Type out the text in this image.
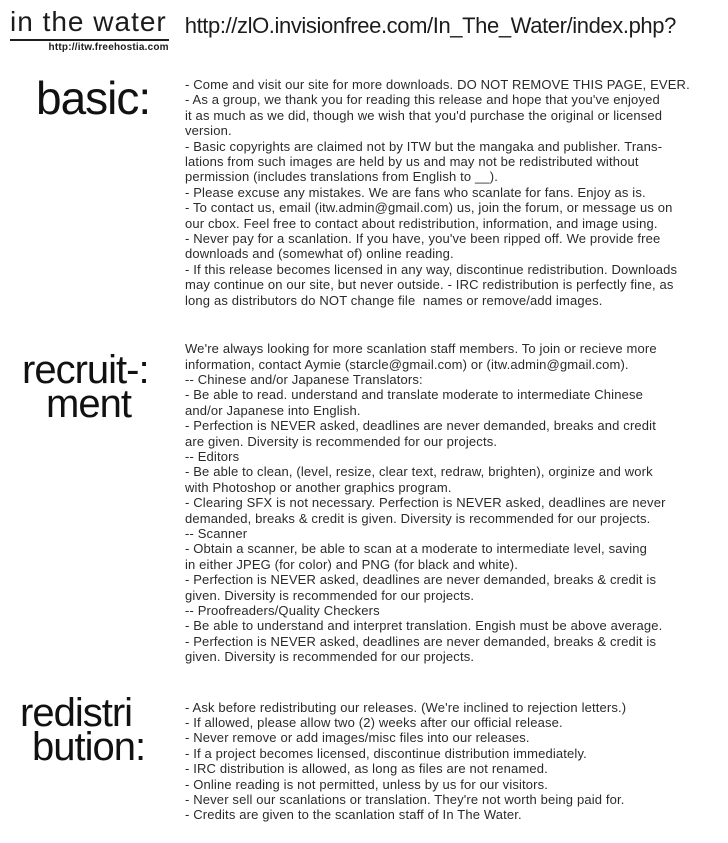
in the water
http://itw.freehostia.com
http://zlO.invisionfree.com/In_The_Water/index.php?
basic:	- Come and visit our site for more downloads. DO NOT REMOVE THIS PAGE, EVER.
- As a group, we thank you for reading this release and hope that you've enjoyed
it as much as we did, though we wish that you'd purchase the original or licensed
version.
- Basic copyrights are claimed not by ITW but the mangaka and publisher. Trans-
lations from such images are held by us and may not be redistributed without
permission (includes translations from English to __).
- Please excuse any mistakes. We are fans who scanlate for fans. Enjoy as is.
- To contact us, email (itw.admin@gmail.com) us, join the forum, or message us on
our cbox. Feel free to contact about redistribution, information, and image using.
- Never pay for a scanlation. If you have, you've been ripped off. We provide free
downloads and (somewhat of) online reading.
- If this release becomes licensed in any way, discontinue redistribution. Downloads
may continue on our site, but never outside. - IRC redistribution is perfectly fine, as
long as distributors do NOT change file  names or remove/add images.
recruit-:
ment
We're always looking for more scanlation staff members. To join or recieve more
information, contact Aymie (starcle@gmail.com) or (itw.admin@gmail.com).
-- Chinese and/or Japanese Translators:
- Be able to read. understand and translate moderate to intermediate Chinese
and/or Japanese into English.
- Perfection is NEVER asked, deadlines are never demanded, breaks and credit
are given. Diversity is recommended for our projects.
-- Editors
- Be able to clean, (level, resize, clear text, redraw, brighten), orginize and work
with Photoshop or another graphics program.
- Clearing SFX is not necessary. Perfection is NEVER asked, deadlines are never
demanded, breaks & credit is given. Diversity is recommended for our projects.
-- Scanner
- Obtain a scanner, be able to scan at a moderate to intermediate level, saving
in either JPEG (for color) and PNG (for black and white).
- Perfection is NEVER asked, deadlines are never demanded, breaks & credit is
given. Diversity is recommended for our projects.
-- Proofreaders/Quality Checkers
- Be able to understand and interpret translation. Engish must be above average.
- Perfection is NEVER asked, deadlines are never demanded, breaks & credit is
given. Diversity is recommended for our projects.
redistri
bution:
- Ask before redistributing our releases. (We're inclined to rejection letters.)
- If allowed, please allow two (2) weeks after our official release.
- Never remove or add images/misc files into our releases.
- If a project becomes licensed, discontinue distribution immediately.
- IRC distribution is allowed, as long as files are not renamed.
- Online reading is not permitted, unless by us for our visitors.
- Never sell our scanlations or translation. They're not worth being paid for.
- Credits are given to the scanlation staff of In The Water.
